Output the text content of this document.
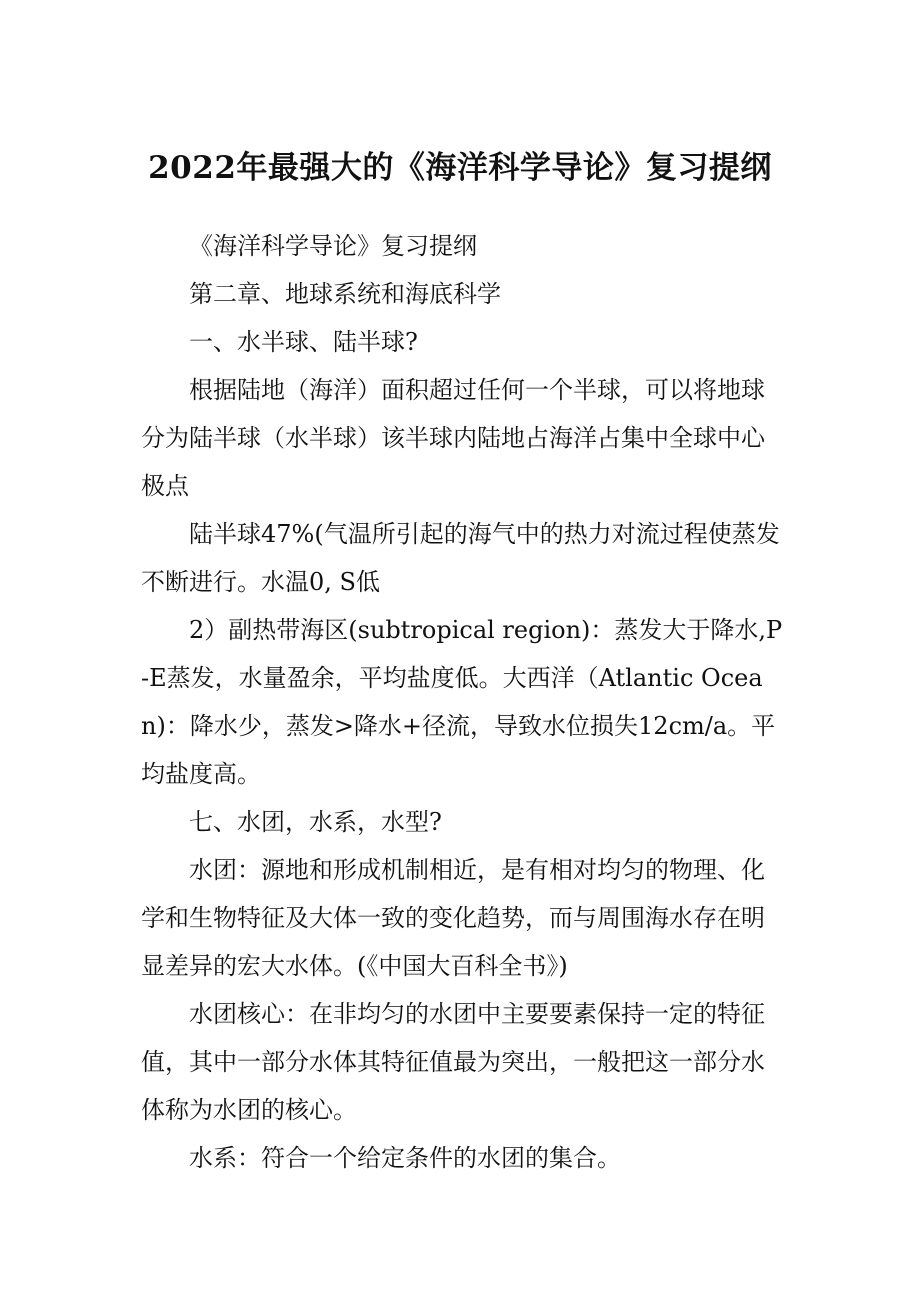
2022年最强大的《海洋科学导论》复习提纲

《海洋科学导论》复习提纲

第二章、地球系统和海底科学

一、水半球、陆半球?

根据陆地（海洋）面积超过任何一个半球，可以将地球分为陆半球（水半球）该半球内陆地占海洋占集中全球中心极点

陆半球47%(气温所引起的海气中的热力对流过程使蒸发不断进行。水温0, S低

2）副热带海区(subtropical region)：蒸发大于降水,P-E蒸发，水量盈余，平均盐度低。大西洋（Atlantic Ocean)：降水少，蒸发>降水+径流，导致水位损失12cm/a。平均盐度高。

七、水团，水系，水型?

水团：源地和形成机制相近，是有相对均匀的物理、化学和生物特征及大体一致的变化趋势，而与周围海水存在明显差异的宏大水体。(《中国大百科全书》)

水团核心：在非均匀的水团中主要要素保持一定的特征值，其中一部分水体其特征值最为突出，一般把这一部分水体称为水团的核心。

水系：符合一个给定条件的水团的集合。
